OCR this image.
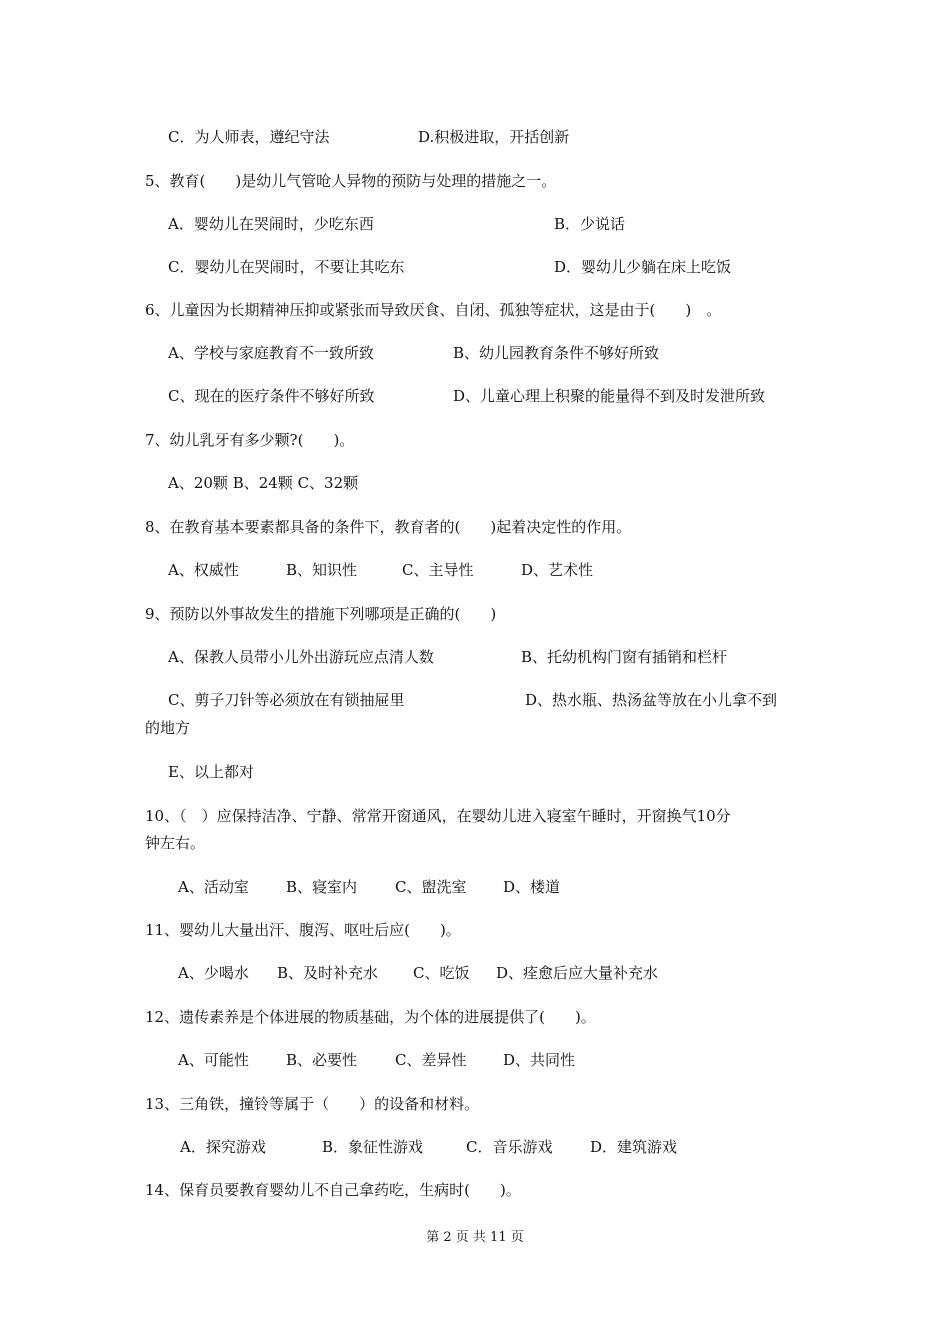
C．为人师表，遵纪守法	D.积极进取，开括创新
5、教育(　　)是幼儿气管呛人异物的预防与处理的措施之一。
A．婴幼儿在哭闹时，少吃东西	B．少说话
C．婴幼儿在哭闹时，不要让其吃东	D．婴幼儿少躺在床上吃饭
6、儿童因为长期精神压抑或紧张而导致厌食、自闭、孤独等症状，这是由于(　　)　。
A、学校与家庭教育不一致所致	B、幼儿园教育条件不够好所致
C、现在的医疗条件不够好所致	D、儿童心理上积聚的能量得不到及时发泄所致
7、幼儿乳牙有多少颗?(　　)。
A、20颗 B、24颗 C、32颗
8、在教育基本要素都具备的条件下，教育者的(　　)起着决定性的作用。
A、权威性	B、知识性	C、主导性	D、艺术性
9、预防以外事故发生的措施下列哪项是正确的(　　)
A、保教人员带小儿外出游玩应点清人数	B、托幼机构门窗有插销和栏杆
C、剪子刀针等必须放在有锁抽屉里	D、热水瓶、热汤盆等放在小儿拿不到
的地方
E、以上都对
10、（　）应保持洁净、宁静、常常开窗通风，在婴幼儿进入寝室午睡时，开窗换气10分
钟左右。
A、活动室 B、寝室内	C、盥洗室 D、楼道
11、婴幼儿大量出汗、腹泻、呕吐后应(　　)。
A、少喝水 B、及时补充水 C、吃饭 D、痊愈后应大量补充水
12、遗传素养是个体进展的物质基础，为个体的进展提供了(　　)。
A、可能性 B、必要性	C、差异性 D、共同性
13、三角铁，撞铃等属于（　　）的设备和材料。
A．探究游戏	B．象征性游戏	C．音乐游戏	D．建筑游戏
14、保育员要教育婴幼儿不自己拿药吃，生病时(　　)。
第 2 页 共 11 页
